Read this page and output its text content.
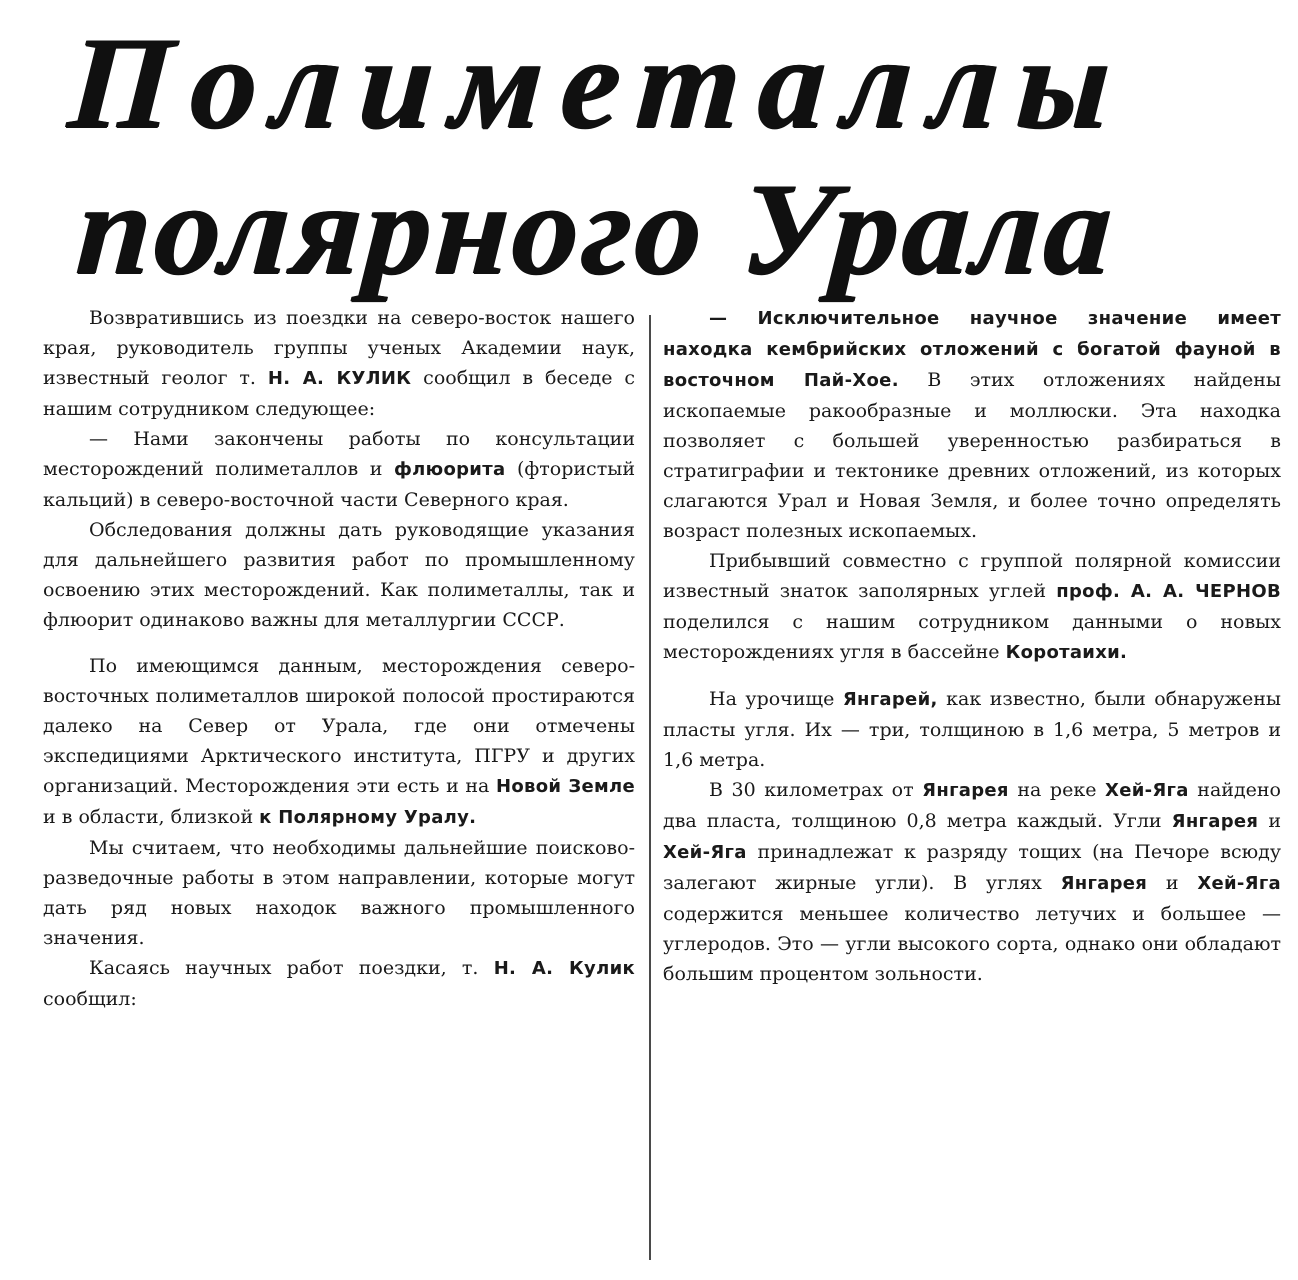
Полиметаллы
полярного Урала

Возвратившись из поездки на северо-восток нашего края, руководитель группы ученых Академии наук, известный геолог т. Н. А. КУЛИК сообщил в беседе с нашим сотрудником следующее:

— Нами закончены работы по консультации месторождений полиметаллов и флюорита (фтористый кальций) в северо-восточной части Северного края.

Обследования должны дать руководящие указания для дальнейшего развития работ по промышленному освоению этих месторождений. Как полиметаллы, так и флюорит одинаково важны для металлургии СССР.

По имеющимся данным, месторождения северо-восточных полиметаллов широкой полосой простираются далеко на Север от Урала, где они отмечены экспедициями Арктического института, ПГРУ и других организаций. Месторождения эти есть и на Новой Земле и в области, близкой к Полярному Уралу.

Мы считаем, что необходимы дальнейшие поисково-разведочные работы в этом направлении, которые могут дать ряд новых находок важного промышленного значения.

Касаясь научных работ поездки, т. Н. А. Кулик сообщил:

— Исключительное научное значение имеет находка кембрийских отложений с богатой фауной в восточном Пай-Хое. В этих отложениях найдены ископаемые ракообразные и моллюски. Эта находка позволяет с большей уверенностью разбираться в стратиграфии и тектонике древних отложений, из которых слагаются Урал и Новая Земля, и более точно определять возраст полезных ископаемых.

Прибывший совместно с группой полярной комиссии известный знаток заполярных углей проф. А. А. ЧЕРНОВ поделился с нашим сотрудником данными о новых месторождениях угля в бассейне Коротаихи.

На урочище Янгарей, как известно, были обнаружены пласты угля. Их — три, толщиною в 1,6 метра, 5 метров и 1,6 метра.

В 30 километрах от Янгарея на реке Хей-Яга найдено два пласта, толщиною 0,8 метра каждый. Угли Янгарея и Хей-Яга принадлежат к разряду тощих (на Печоре всюду залегают жирные угли). В углях Янгарея и Хей-Яга содержится меньшее количество летучих и большее — углеродов. Это — угли высокого сорта, однако они обладают большим процентом зольности.
